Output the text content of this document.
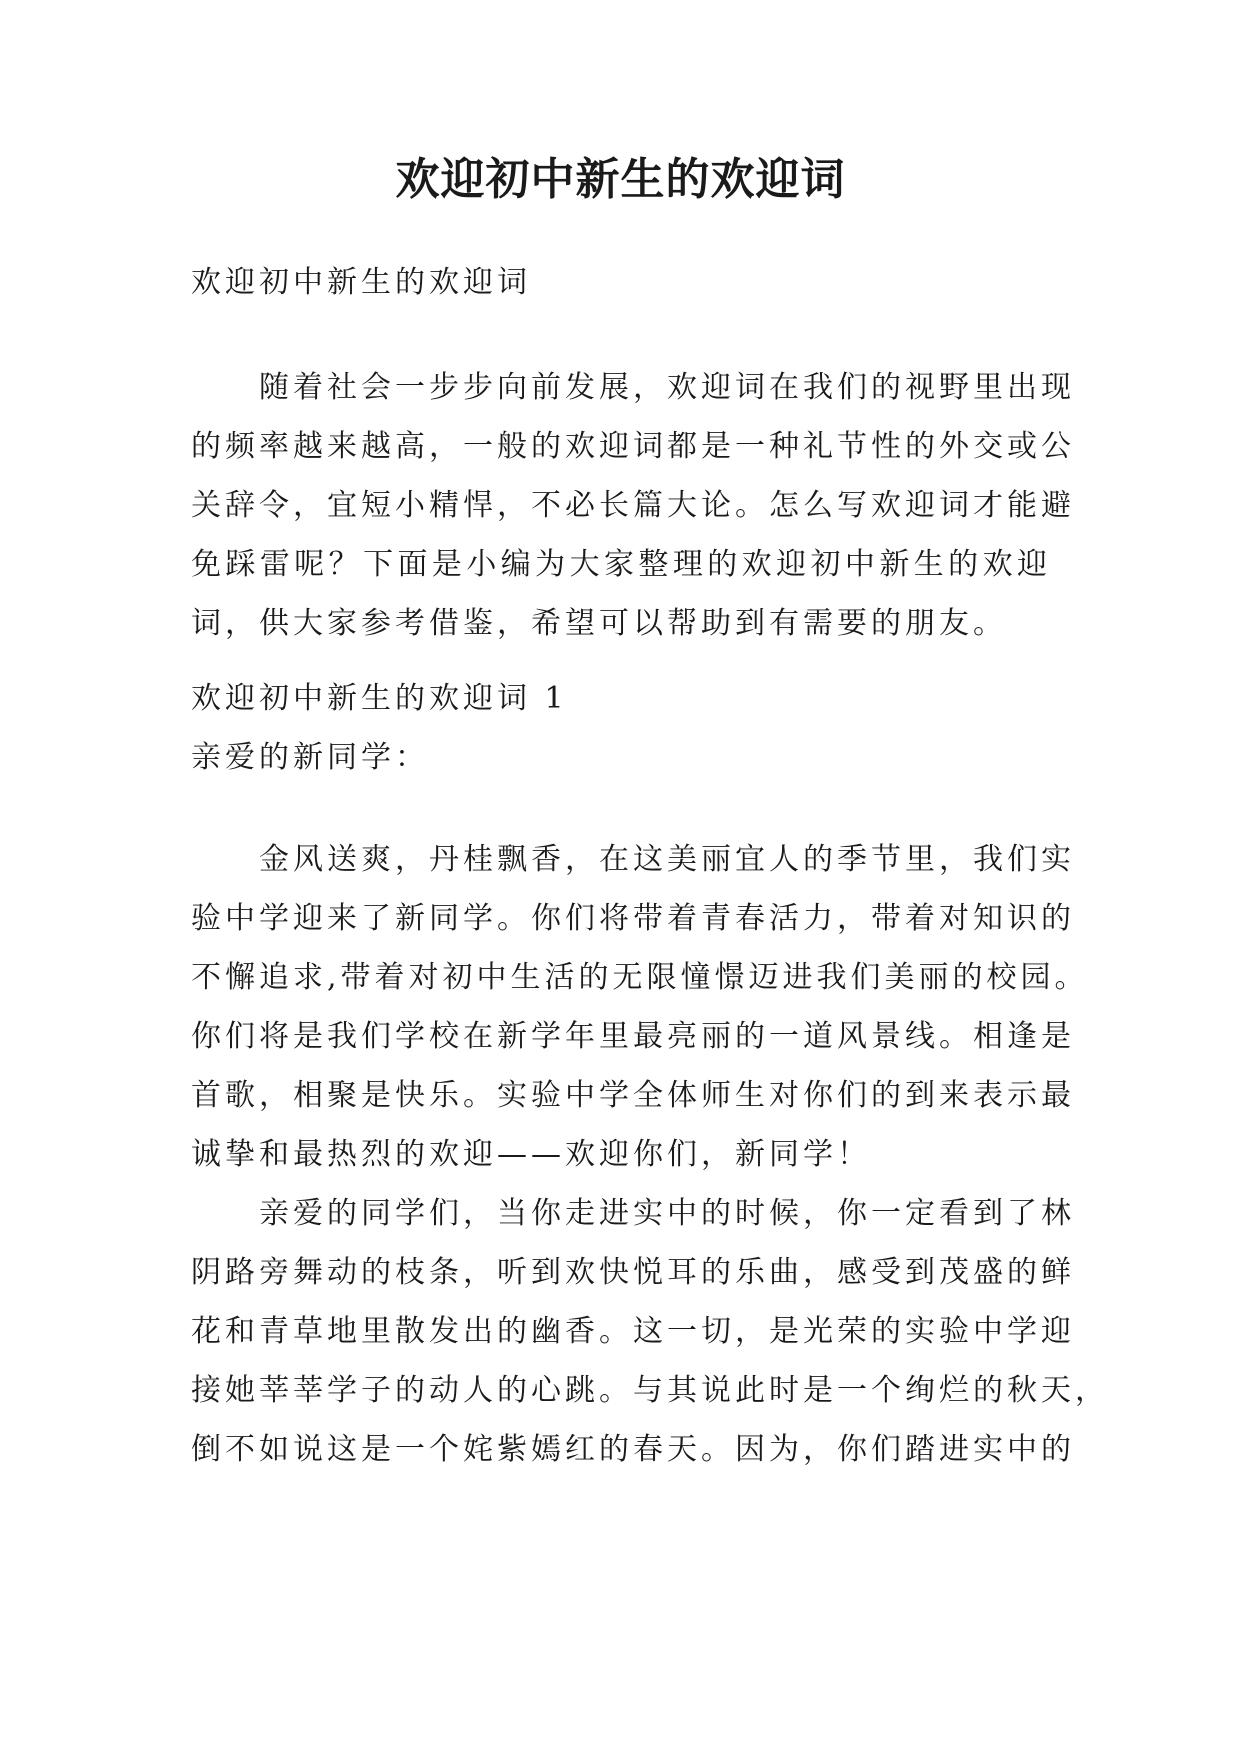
欢迎初中新生的欢迎词
欢迎初中新生的欢迎词
随着社会一步步向前发展，欢迎词在我们的视野里出现
的频率越来越高，一般的欢迎词都是一种礼节性的外交或公
关辞令，宜短小精悍，不必长篇大论。怎么写欢迎词才能避
免踩雷呢？下面是小编为大家整理的欢迎初中新生的欢迎
词，供大家参考借鉴，希望可以帮助到有需要的朋友。
欢迎初中新生的欢迎词 1
亲爱的新同学：
金风送爽，丹桂飘香，在这美丽宜人的季节里，我们实
验中学迎来了新同学。你们将带着青春活力，带着对知识的
不懈追求,带着对初中生活的无限憧憬迈进我们美丽的校园。
你们将是我们学校在新学年里最亮丽的一道风景线。相逢是
首歌，相聚是快乐。实验中学全体师生对你们的到来表示最
诚挚和最热烈的欢迎——欢迎你们，新同学！
亲爱的同学们，当你走进实中的时候，你一定看到了林
阴路旁舞动的枝条，听到欢快悦耳的乐曲，感受到茂盛的鲜
花和青草地里散发出的幽香。这一切，是光荣的实验中学迎
接她莘莘学子的动人的心跳。与其说此时是一个绚烂的秋天，
倒不如说这是一个姹紫嫣红的春天。因为，你们踏进实中的
